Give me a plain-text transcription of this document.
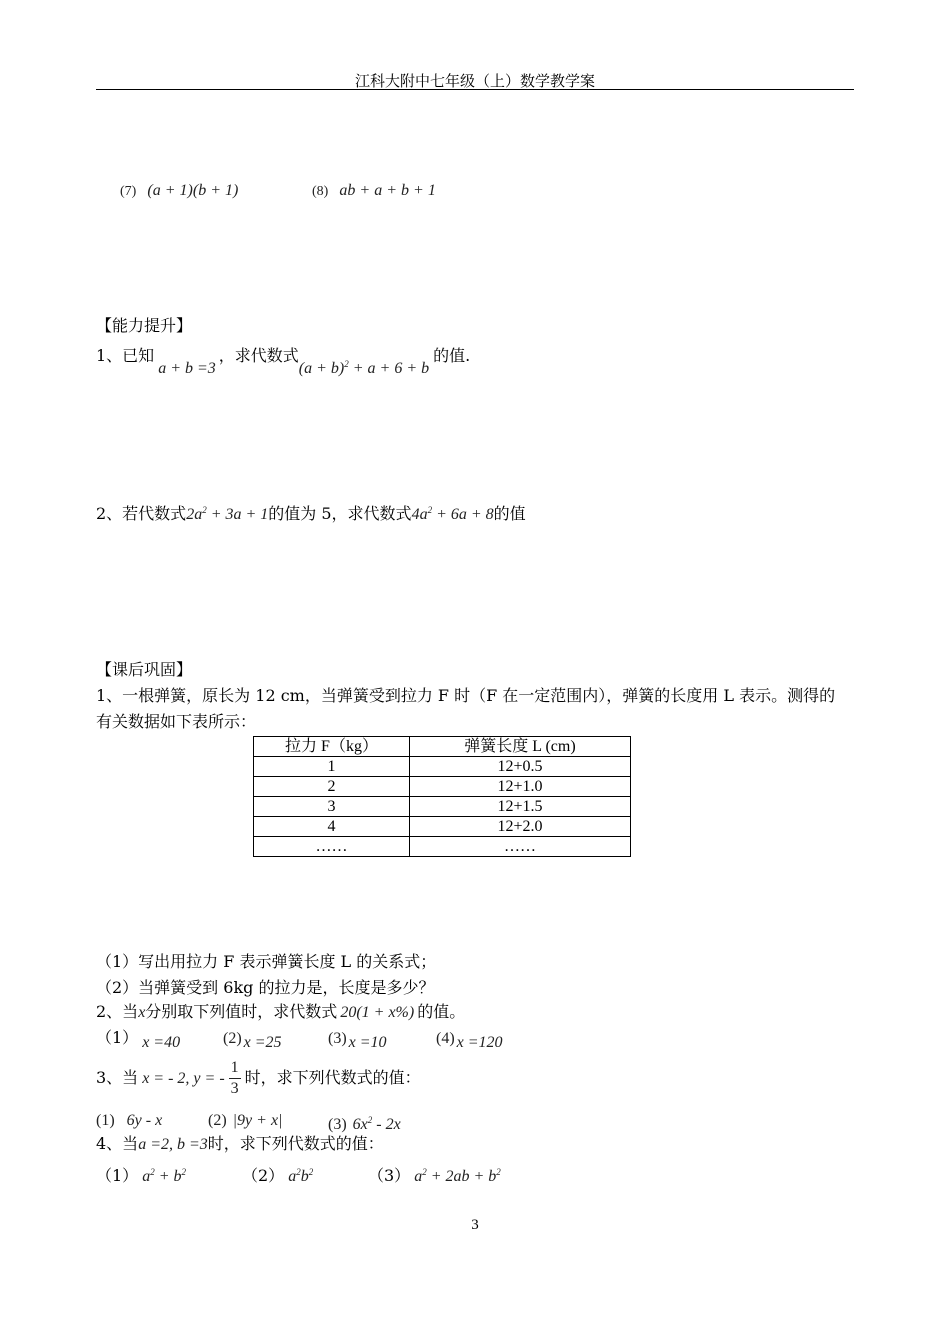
江科大附中七年级（上）数学教学案
(7) (a + 1)(b + 1)	(8) ab + a + b + 1
【能力提升】
1、已知a + b =3，求代数式$(a + b)^2 + a + 6 + b$的值.
2、若代数式$2a^2 + 3a + 1$的值为 5，求代数式$4a^2 + 6a + 8$的值
【课后巩固】
1、一根弹簧，原长为 12 cm，当弹簧受到拉力 F 时（F 在一定范围内），弹簧的长度用 L 表示。测得的
有关数据如下表所示：
拉力 F（kg）	弹簧长度 L (cm)
1	12+0.5
2	12+1.0
3	12+1.5
4	12+2.0
……	……
（1）写出用拉力 F 表示弹簧长度 L 的关系式；
（2）当弹簧受到 6kg 的拉力是，长度是多少？
2、当x分别取下列值时，求代数式 20(1 + x%) 的值。
（1） x =40	(2) x =25	(3) x =10	(4) x =120
3、当 x = - 2, y = - $\frac{1}{3}$ 时，求下列代数式的值：
(1) 6y - x	(2) |9y + x|	(3) $6x^2 - 2x$
4、当a =2, b =3时，求下列代数式的值：
（1） $a^2 + b^2$	（2） $a^2b^2$	（3） $a^2 + 2ab + b^2$
3
